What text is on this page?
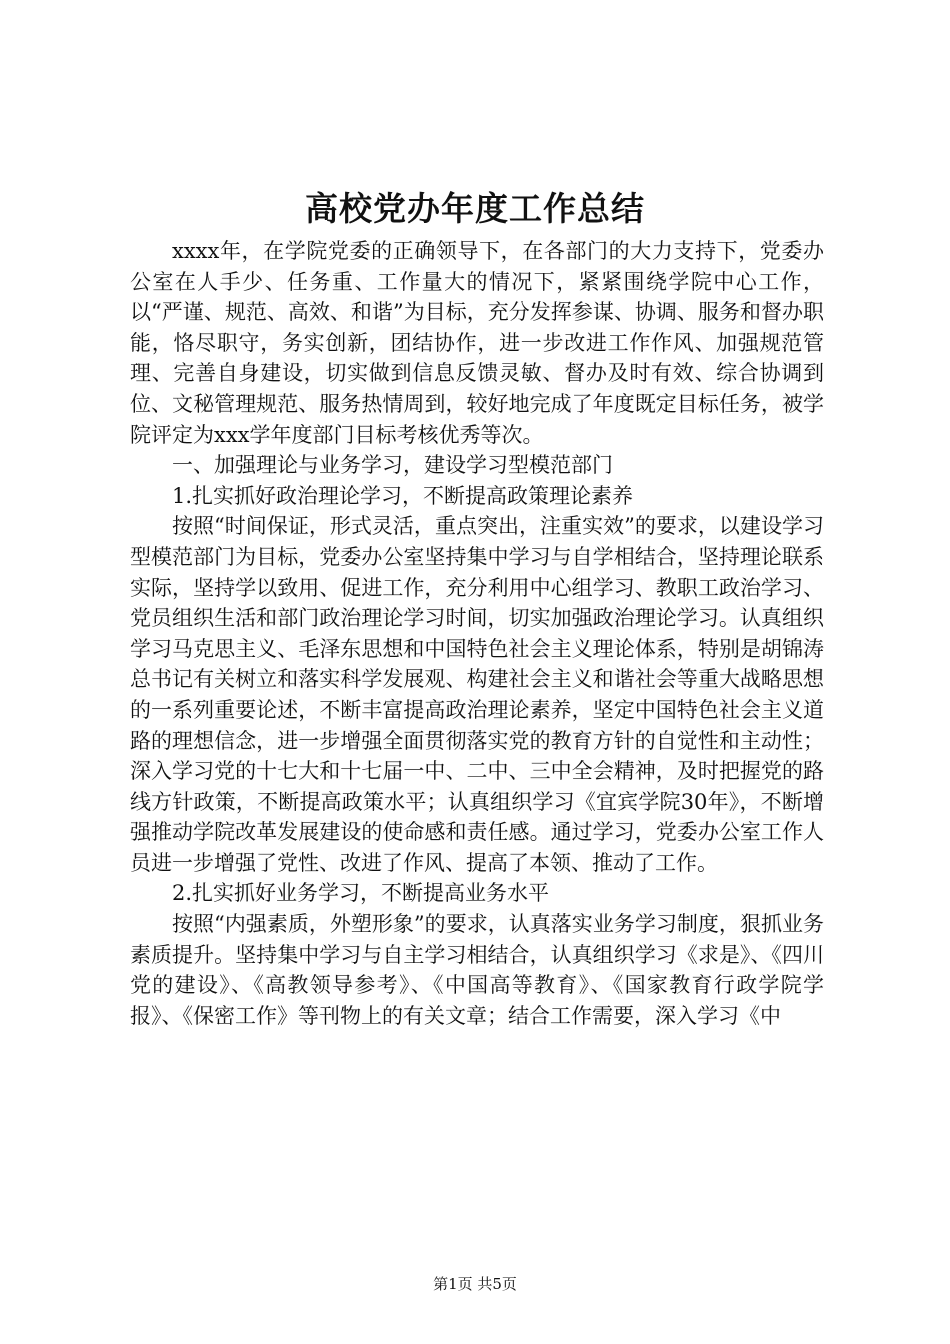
高校党办年度工作总结

xxxx年，在学院党委的正确领导下，在各部门的大力支持下，党委办公室在人手少、任务重、工作量大的情况下，紧紧围绕学院中心工作，以“严谨、规范、高效、和谐”为目标，充分发挥参谋、协调、服务和督办职能，恪尽职守，务实创新，团结协作，进一步改进工作作风、加强规范管理、完善自身建设，切实做到信息反馈灵敏、督办及时有效、综合协调到位、文秘管理规范、服务热情周到，较好地完成了年度既定目标任务，被学院评定为xxx学年度部门目标考核优秀等次。

一、加强理论与业务学习，建设学习型模范部门

1.扎实抓好政治理论学习，不断提高政策理论素养

按照“时间保证，形式灵活，重点突出，注重实效”的要求，以建设学习型模范部门为目标，党委办公室坚持集中学习与自学相结合，坚持理论联系实际，坚持学以致用、促进工作，充分利用中心组学习、教职工政治学习、党员组织生活和部门政治理论学习时间，切实加强政治理论学习。认真组织学习马克思主义、毛泽东思想和中国特色社会主义理论体系，特别是胡锦涛总书记有关树立和落实科学发展观、构建社会主义和谐社会等重大战略思想的一系列重要论述，不断丰富提高政治理论素养，坚定中国特色社会主义道路的理想信念，进一步增强全面贯彻落实党的教育方针的自觉性和主动性；深入学习党的十七大和十七届一中、二中、三中全会精神，及时把握党的路线方针政策，不断提高政策水平；认真组织学习《宜宾学院30年》，不断增强推动学院改革发展建设的使命感和责任感。通过学习，党委办公室工作人员进一步增强了党性、改进了作风、提高了本领、推动了工作。

2.扎实抓好业务学习，不断提高业务水平

按照“内强素质，外塑形象”的要求，认真落实业务学习制度，狠抓业务素质提升。坚持集中学习与自主学习相结合，认真组织学习《求是》、《四川党的建设》、《高教领导参考》、《中国高等教育》、《国家教育行政学院学报》、《保密工作》等刊物上的有关文章；结合工作需要，深入学习《中

第1页 共5页
